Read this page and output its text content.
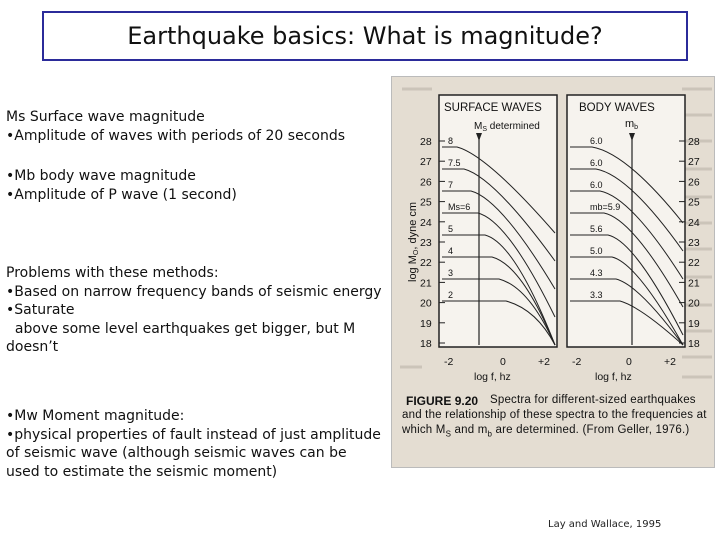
Earthquake basics: What is magnitude?
Ms Surface wave magnitude
•Amplitude of waves with periods of 20 seconds
•Mb body wave magnitude
•Amplitude of P wave (1 second)
Problems with these methods:
•Based on narrow frequency bands of seismic energy
•Saturate
above some level earthquakes get bigger, but M doesn’t
•Mw Moment magnitude:
•physical properties of fault instead of just amplitude of seismic wave (although seismic waves can be used to estimate the seismic moment)
SURFACE WAVES	BODY WAVES
$M_S$ determined	mb
log MO, dyne cm
28
27
26
25
24
23
22
21
20
19
18
28
27
26
25
24
23
22
21
20
19
18
8
7.5
7
Ms=6
5
4
3
2
6.0
6.0
6.0
mb=5.9
5.6
5.0
4.3
3.3
-2	0	+2 -2	0	+2
log f, hz	log f, hz
FIGURE 9.20	Spectra for different-sized earthquakes and the relationship of these spectra to the frequencies at which $M_S$ and $m_b$ are determined. (From Geller, 1976.)
Lay and Wallace, 1995
